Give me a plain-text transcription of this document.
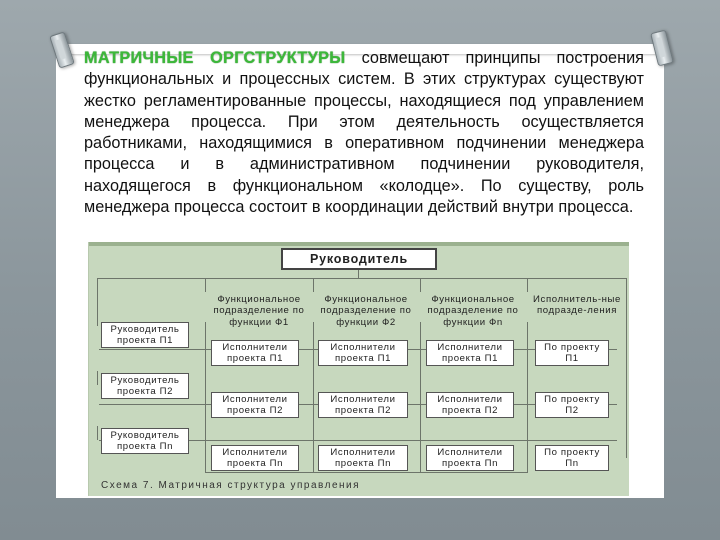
МАТРИЧНЫЕ ОРГСТРУКТУРЫ совмещают принципы построения функциональных и процессных систем. В этих структурах существуют жестко регламентированные процессы, находящиеся под управлением менеджера процесса. При этом деятельность осуществляется работниками, находящимися в оперативном подчинении менеджера процесса и в административном подчинении руководителя, находящегося в функциональном «колодце». По существу, роль менеджера процесса состоит в координации действий внутри процесса.
Руководитель
Функциональное подразделение по функции Ф1
Функциональное подразделение по функции Ф2
Функциональное подразделение по функции Фn
Исполнитель-ные подразде-ления
Руководитель проекта П1
Руководитель проекта П2
Руководитель проекта Пn
Исполнители проекта П1
Исполнители проекта П1
Исполнители проекта П1
По проекту П1
Исполнители проекта П2
Исполнители проекта П2
Исполнители проекта П2
По проекту П2
Исполнители проекта Пn
Исполнители проекта Пn
Исполнители проекта Пn
По проекту Пn
Схема 7. Матричная структура управления
